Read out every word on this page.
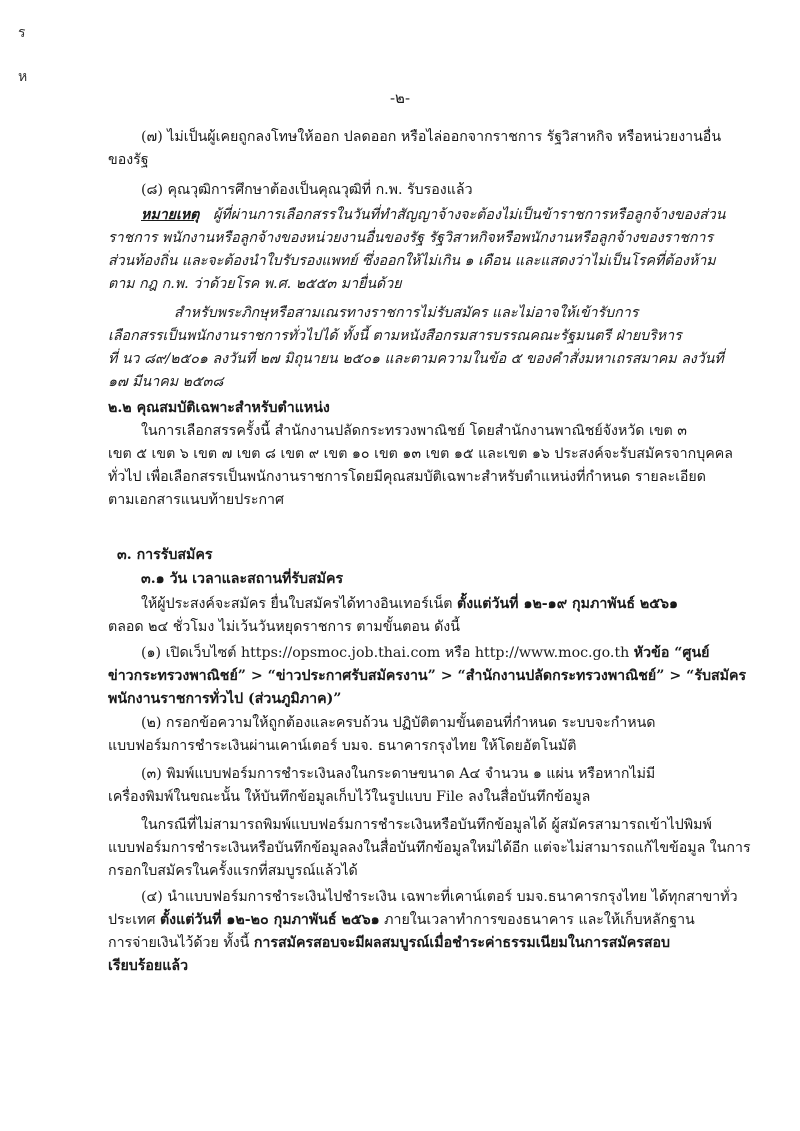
ร
ห
-๒-
(๗) ไม่เป็นผู้เคยถูกลงโทษให้ออก ปลดออก หรือไล่ออกจากราชการ รัฐวิสาหกิจ หรือหน่วยงานอื่น
ของรัฐ
(๘) คุณวุฒิการศึกษาต้องเป็นคุณวุฒิที่ ก.พ. รับรองแล้ว
หมายเหตุ ผู้ที่ผ่านการเลือกสรรในวันที่ทำสัญญาจ้างจะต้องไม่เป็นข้าราชการหรือลูกจ้างของส่วน
ราชการ พนักงานหรือลูกจ้างของหน่วยงานอื่นของรัฐ รัฐวิสาหกิจหรือพนักงานหรือลูกจ้างของราชการ
ส่วนท้องถิ่น และจะต้องนำใบรับรองแพทย์ ซึ่งออกให้ไม่เกิน ๑ เดือน และแสดงว่าไม่เป็นโรคที่ต้องห้าม
ตาม กฎ ก.พ. ว่าด้วยโรค พ.ศ. ๒๕๕๓ มายื่นด้วย
สำหรับพระภิกษุหรือสามเณรทางราชการไม่รับสมัคร และไม่อาจให้เข้ารับการ
เลือกสรรเป็นพนักงานราชการทั่วไปได้ ทั้งนี้ ตามหนังสือกรมสารบรรณคณะรัฐมนตรี ฝ่ายบริหาร
ที่ นว ๘๙/๒๕๐๑ ลงวันที่ ๒๗ มิถุนายน ๒๕๐๑ และตามความในข้อ ๕ ของคำสั่งมหาเถรสมาคม ลงวันที่
๑๗ มีนาคม ๒๕๓๘
๒.๒ คุณสมบัติเฉพาะสำหรับตำแหน่ง
ในการเลือกสรรครั้งนี้ สำนักงานปลัดกระทรวงพาณิชย์ โดยสำนักงานพาณิชย์จังหวัด เขต ๓
เขต ๕ เขต ๖ เขต ๗ เขต ๘ เขต ๙ เขต ๑๐ เขต ๑๓ เขต ๑๕ และเขต ๑๖ ประสงค์จะรับสมัครจากบุคคล
ทั่วไป เพื่อเลือกสรรเป็นพนักงานราชการโดยมีคุณสมบัติเฉพาะสำหรับตำแหน่งที่กำหนด รายละเอียด
ตามเอกสารแนบท้ายประกาศ
๓. การรับสมัคร
๓.๑ วัน เวลาและสถานที่รับสมัคร
ให้ผู้ประสงค์จะสมัคร ยื่นใบสมัครได้ทางอินเทอร์เน็ต ตั้งแต่วันที่ ๑๒-๑๙ กุมภาพันธ์ ๒๕๖๑
ตลอด ๒๔ ชั่วโมง ไม่เว้นวันหยุดราชการ ตามขั้นตอน ดังนี้
(๑) เปิดเว็บไซต์ https://opsmoc.job.thai.com หรือ http://www.moc.go.th หัวข้อ “ศูนย์
ข่าวกระทรวงพาณิชย์” > “ข่าวประกาศรับสมัครงาน” > “สำนักงานปลัดกระทรวงพาณิชย์” > “รับสมัคร
พนักงานราชการทั่วไป (ส่วนภูมิภาค)”
(๒) กรอกข้อความให้ถูกต้องและครบถ้วน ปฏิบัติตามขั้นตอนที่กำหนด ระบบจะกำหนด
แบบฟอร์มการชำระเงินผ่านเคาน์เตอร์ บมจ. ธนาคารกรุงไทย ให้โดยอัตโนมัติ
(๓) พิมพ์แบบฟอร์มการชำระเงินลงในกระดาษขนาด A๔ จำนวน ๑ แผ่น หรือหากไม่มี
เครื่องพิมพ์ในขณะนั้น ให้บันทึกข้อมูลเก็บไว้ในรูปแบบ File ลงในสื่อบันทึกข้อมูล
ในกรณีที่ไม่สามารถพิมพ์แบบฟอร์มการชำระเงินหรือบันทึกข้อมูลได้ ผู้สมัครสามารถเข้าไปพิมพ์
แบบฟอร์มการชำระเงินหรือบันทึกข้อมูลลงในสื่อบันทึกข้อมูลใหม่ได้อีก แต่จะไม่สามารถแก้ไขข้อมูล ในการ
กรอกใบสมัครในครั้งแรกที่สมบูรณ์แล้วได้
(๔) นำแบบฟอร์มการชำระเงินไปชำระเงิน เฉพาะที่เคาน์เตอร์ บมจ.ธนาคารกรุงไทย ได้ทุกสาขาทั่ว
ประเทศ ตั้งแต่วันที่ ๑๒-๒๐ กุมภาพันธ์ ๒๕๖๑ ภายในเวลาทำการของธนาคาร และให้เก็บหลักฐาน
การจ่ายเงินไว้ด้วย ทั้งนี้ การสมัครสอบจะมีผลสมบูรณ์เมื่อชำระค่าธรรมเนียมในการสมัครสอบ
เรียบร้อยแล้ว
